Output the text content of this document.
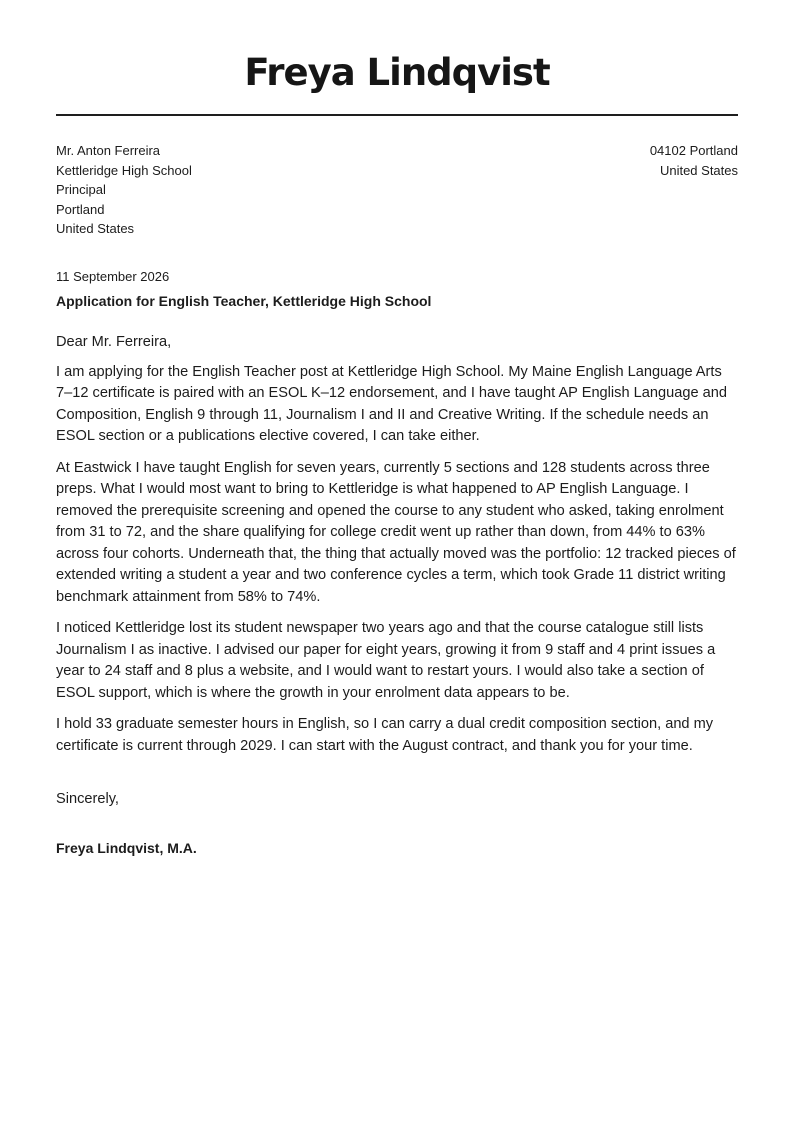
Freya Lindqvist
Mr. Anton Ferreira
Kettleridge High School
Principal
Portland
United States
04102 Portland
United States
11 September 2026
Application for English Teacher, Kettleridge High School
Dear Mr. Ferreira,

I am applying for the English Teacher post at Kettleridge High School. My Maine English Language Arts 7–12 certificate is paired with an ESOL K–12 endorsement, and I have taught AP English Language and Composition, English 9 through 11, Journalism I and II and Creative Writing. If the schedule needs an ESOL section or a publications elective covered, I can take either.

At Eastwick I have taught English for seven years, currently 5 sections and 128 students across three preps. What I would most want to bring to Kettleridge is what happened to AP English Language. I removed the prerequisite screening and opened the course to any student who asked, taking enrolment from 31 to 72, and the share qualifying for college credit went up rather than down, from 44% to 63% across four cohorts. Underneath that, the thing that actually moved was the portfolio: 12 tracked pieces of extended writing a student a year and two conference cycles a term, which took Grade 11 district writing benchmark attainment from 58% to 74%.

I noticed Kettleridge lost its student newspaper two years ago and that the course catalogue still lists Journalism I as inactive. I advised our paper for eight years, growing it from 9 staff and 4 print issues a year to 24 staff and 8 plus a website, and I would want to restart yours. I would also take a section of ESOL support, which is where the growth in your enrolment data appears to be.

I hold 33 graduate semester hours in English, so I can carry a dual credit composition section, and my certificate is current through 2029. I can start with the August contract, and thank you for your time.

Sincerely,
Freya Lindqvist, M.A.
